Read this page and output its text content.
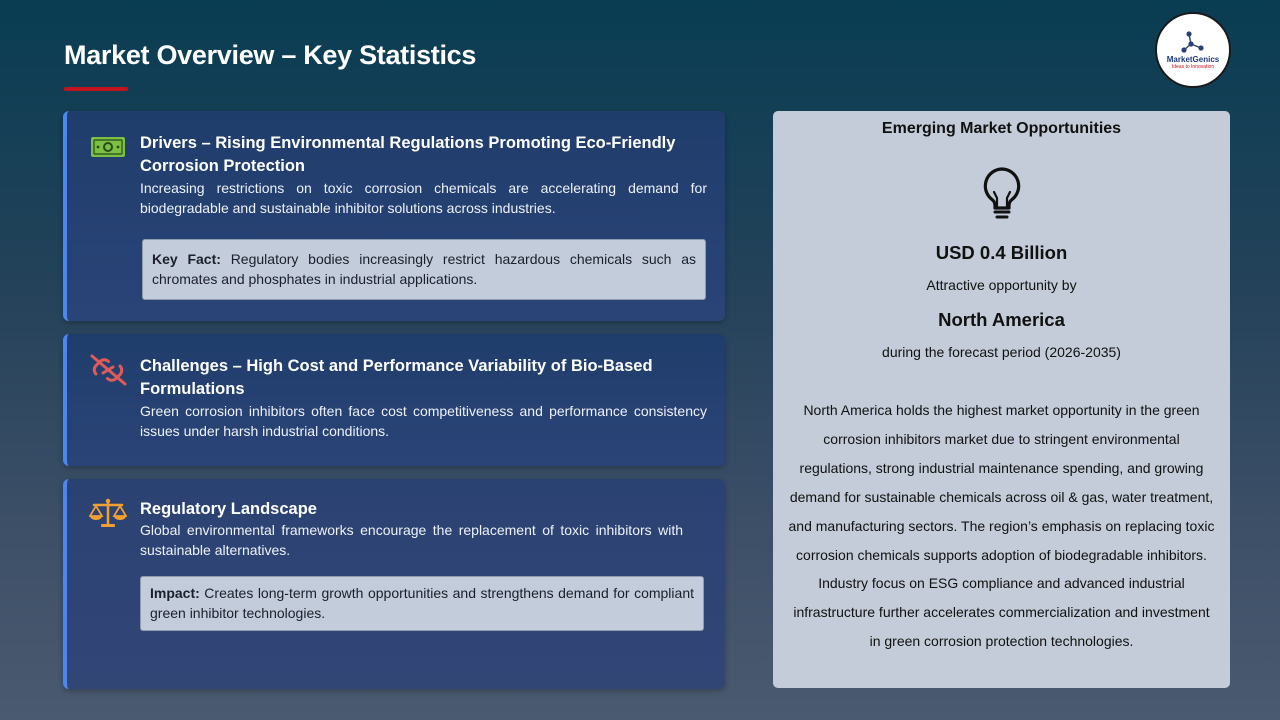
Market Overview – Key Statistics	MarketGenics
Ideas to Innovation
Drivers – Rising Environmental Regulations Promoting Eco-Friendly Corrosion Protection
Increasing restrictions on toxic corrosion chemicals are accelerating demand for biodegradable and sustainable inhibitor solutions across industries.
Key Fact: Regulatory bodies increasingly restrict hazardous chemicals such as chromates and phosphates in industrial applications.
Challenges – High Cost and Performance Variability of Bio-Based Formulations
Green corrosion inhibitors often face cost competitiveness and performance consistency issues under harsh industrial conditions.
Regulatory Landscape
Global environmental frameworks encourage the replacement of toxic inhibitors with sustainable alternatives.
Impact: Creates long-term growth opportunities and strengthens demand for compliant green inhibitor technologies.
Emerging Market Opportunities
USD 0.4 Billion
Attractive opportunity by
North America
during the forecast period (2026-2035)
North America holds the highest market opportunity in the green corrosion inhibitors market due to stringent environmental regulations, strong industrial maintenance spending, and growing demand for sustainable chemicals across oil & gas, water treatment, and manufacturing sectors. The region’s emphasis on replacing toxic corrosion chemicals supports adoption of biodegradable inhibitors. Industry focus on ESG compliance and advanced industrial infrastructure further accelerates commercialization and investment in green corrosion protection technologies.
